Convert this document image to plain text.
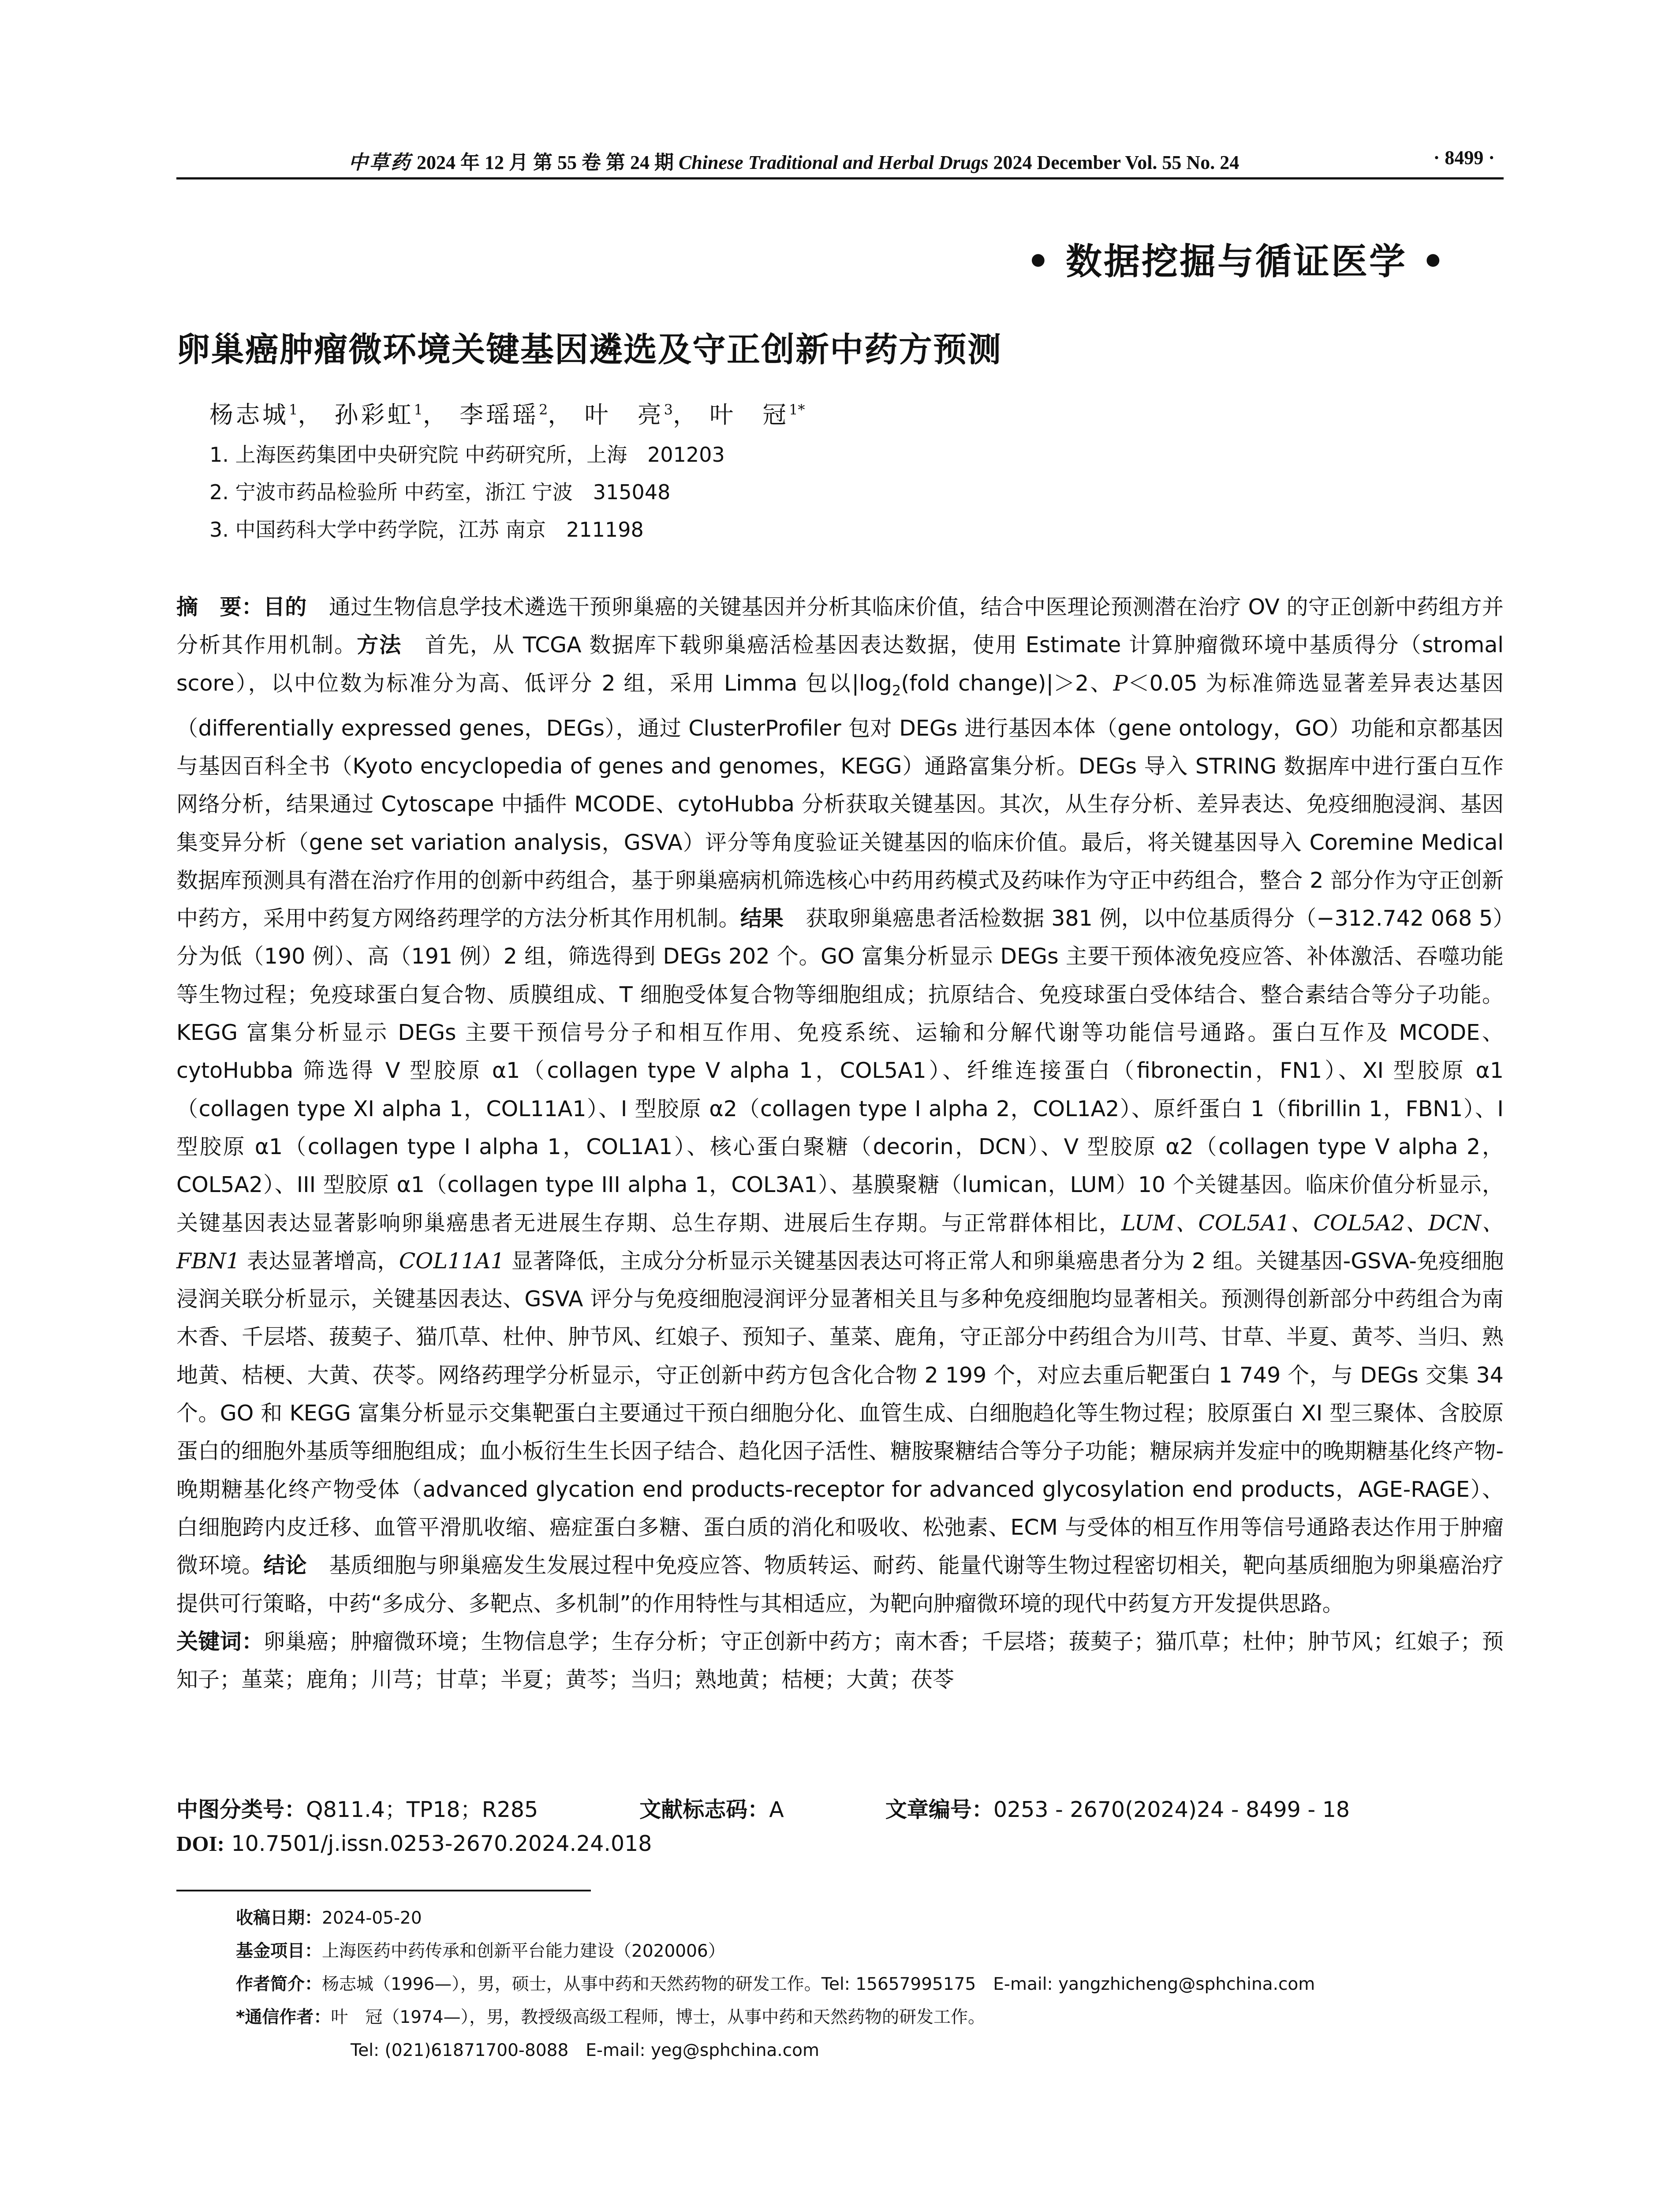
中草药 2024 年 12 月 第 55 卷 第 24 期 Chinese Traditional and Herbal Drugs 2024 December Vol. 55 No. 24	· 8499 ·
• 数据挖掘与循证医学 •
卵巢癌肿瘤微环境关键基因遴选及守正创新中药方预测
杨志城$^1$， 孙彩虹$^1$， 李瑶瑶$^2$， 叶　亮$^3$， 叶　冠$^{1*}$
1. 上海医药集团中央研究院 中药研究所，上海　201203
2. 宁波市药品检验所 中药室，浙江 宁波　315048
3. 中国药科大学中药学院，江苏 南京　211198
摘　要：目的 通过生物信息学技术遴选干预卵巢癌的关键基因并分析其临床价值，结合中医理论预测潜在治疗 OV 的守正创新中药组方并分析其作用机制。方法 首先，从 TCGA 数据库下载卵巢癌活检基因表达数据，使用 Estimate 计算肿瘤微环境中基质得分（stromal score），以中位数为标准分为高、低评分 2 组，采用 Limma 包以$|\log_2(fold$ change)|＞2、P＜0.05 为标准筛选显著差异表达基因（differentially expressed genes，DEGs），通过 ClusterProfiler 包对 DEGs 进行基因本体（gene ontology，GO）功能和京都基因与基因百科全书（Kyoto encyclopedia of genes and genomes，KEGG）通路富集分析。DEGs 导入 STRING 数据库中进行蛋白互作网络分析，结果通过 Cytoscape 中插件 MCODE、cytoHubba 分析获取关键基因。其次，从生存分析、差异表达、免疫细胞浸润、基因集变异分析（gene set variation analysis，GSVA）评分等角度验证关键基因的临床价值。最后，将关键基因导入 Coremine Medical 数据库预测具有潜在治疗作用的创新中药组合，基于卵巢癌病机筛选核心中药用药模式及药味作为守正中药组合，整合 2 部分作为守正创新中药方，采用中药复方网络药理学的方法分析其作用机制。结果 获取卵巢癌患者活检数据 381 例，以中位基质得分（−312.742 068 5）分为低（190 例）、高（191 例）2 组，筛选得到 DEGs 202 个。GO 富集分析显示 DEGs 主要干预体液免疫应答、补体激活、吞噬功能等生物过程；免疫球蛋白复合物、质膜组成、T 细胞受体复合物等细胞组成；抗原结合、免疫球蛋白受体结合、整合素结合等分子功能。KEGG 富集分析显示 DEGs 主要干预信号分子和相互作用、免疫系统、运输和分解代谢等功能信号通路。蛋白互作及 MCODE、cytoHubba 筛选得 V 型胶原 α1（collagen type V alpha 1，COL5A1）、纤维连接蛋白（fibronectin，FN1）、XI 型胶原 α1（collagen type XI alpha 1，COL11A1）、I 型胶原 α2（collagen type I alpha 2，COL1A2）、原纤蛋白 1（fibrillin 1，FBN1）、I 型胶原 α1（collagen type I alpha 1，COL1A1）、核心蛋白聚糖（decorin，DCN）、V 型胶原 α2（collagen type V alpha 2，COL5A2）、III 型胶原 α1（collagen type III alpha 1，COL3A1）、基膜聚糖（lumican，LUM）10 个关键基因。临床价值分析显示，关键基因表达显著影响卵巢癌患者无进展生存期、总生存期、进展后生存期。与正常群体相比，LUM、COL5A1、COL5A2、DCN、FBN1 表达显著增高，COL11A1 显著降低，主成分分析显示关键基因表达可将正常人和卵巢癌患者分为 2 组。关键基因-GSVA-免疫细胞浸润关联分析显示，关键基因表达、GSVA 评分与免疫细胞浸润评分显著相关且与多种免疫细胞均显著相关。预测得创新部分中药组合为南木香、千层塔、菝葜子、猫爪草、杜仲、肿节风、红娘子、预知子、堇菜、鹿角，守正部分中药组合为川芎、甘草、半夏、黄芩、当归、熟地黄、桔梗、大黄、茯苓。网络药理学分析显示，守正创新中药方包含化合物 2 199 个，对应去重后靶蛋白 1 749 个，与 DEGs 交集 34 个。GO 和 KEGG 富集分析显示交集靶蛋白主要通过干预白细胞分化、血管生成、白细胞趋化等生物过程；胶原蛋白 XI 型三聚体、含胶原蛋白的细胞外基质等细胞组成；血小板衍生生长因子结合、趋化因子活性、糖胺聚糖结合等分子功能；糖尿病并发症中的晚期糖基化终产物-晚期糖基化终产物受体（advanced glycation end products-receptor for advanced glycosylation end products，AGE-RAGE）、白细胞跨内皮迁移、血管平滑肌收缩、癌症蛋白多糖、蛋白质的消化和吸收、松弛素、ECM 与受体的相互作用等信号通路表达作用于肿瘤微环境。结论 基质细胞与卵巢癌发生发展过程中免疫应答、物质转运、耐药、能量代谢等生物过程密切相关，靶向基质细胞为卵巢癌治疗提供可行策略，中药“多成分、多靶点、多机制”的作用特性与其相适应，为靶向肿瘤微环境的现代中药复方开发提供思路。
关键词：卵巢癌；肿瘤微环境；生物信息学；生存分析；守正创新中药方；南木香；千层塔；菝葜子；猫爪草；杜仲；肿节风；红娘子；预知子；堇菜；鹿角；川芎；甘草；半夏；黄芩；当归；熟地黄；桔梗；大黄；茯苓
中图分类号：Q811.4；TP18；R285	文献标志码：A	文章编号：0253 - 2670(2024)24 - 8499 - 18
DOI: 10.7501/j.issn.0253-2670.2024.24.018
收稿日期：2024-05-20
基金项目：上海医药中药传承和创新平台能力建设（2020006）
作者简介：杨志城（1996—），男，硕士，从事中药和天然药物的研发工作。Tel: 15657995175　E-mail: yangzhicheng@sphchina.com
*通信作者：叶　冠（1974—），男，教授级高级工程师，博士，从事中药和天然药物的研发工作。
Tel: (021)61871700-8088　E-mail: yeg@sphchina.com
